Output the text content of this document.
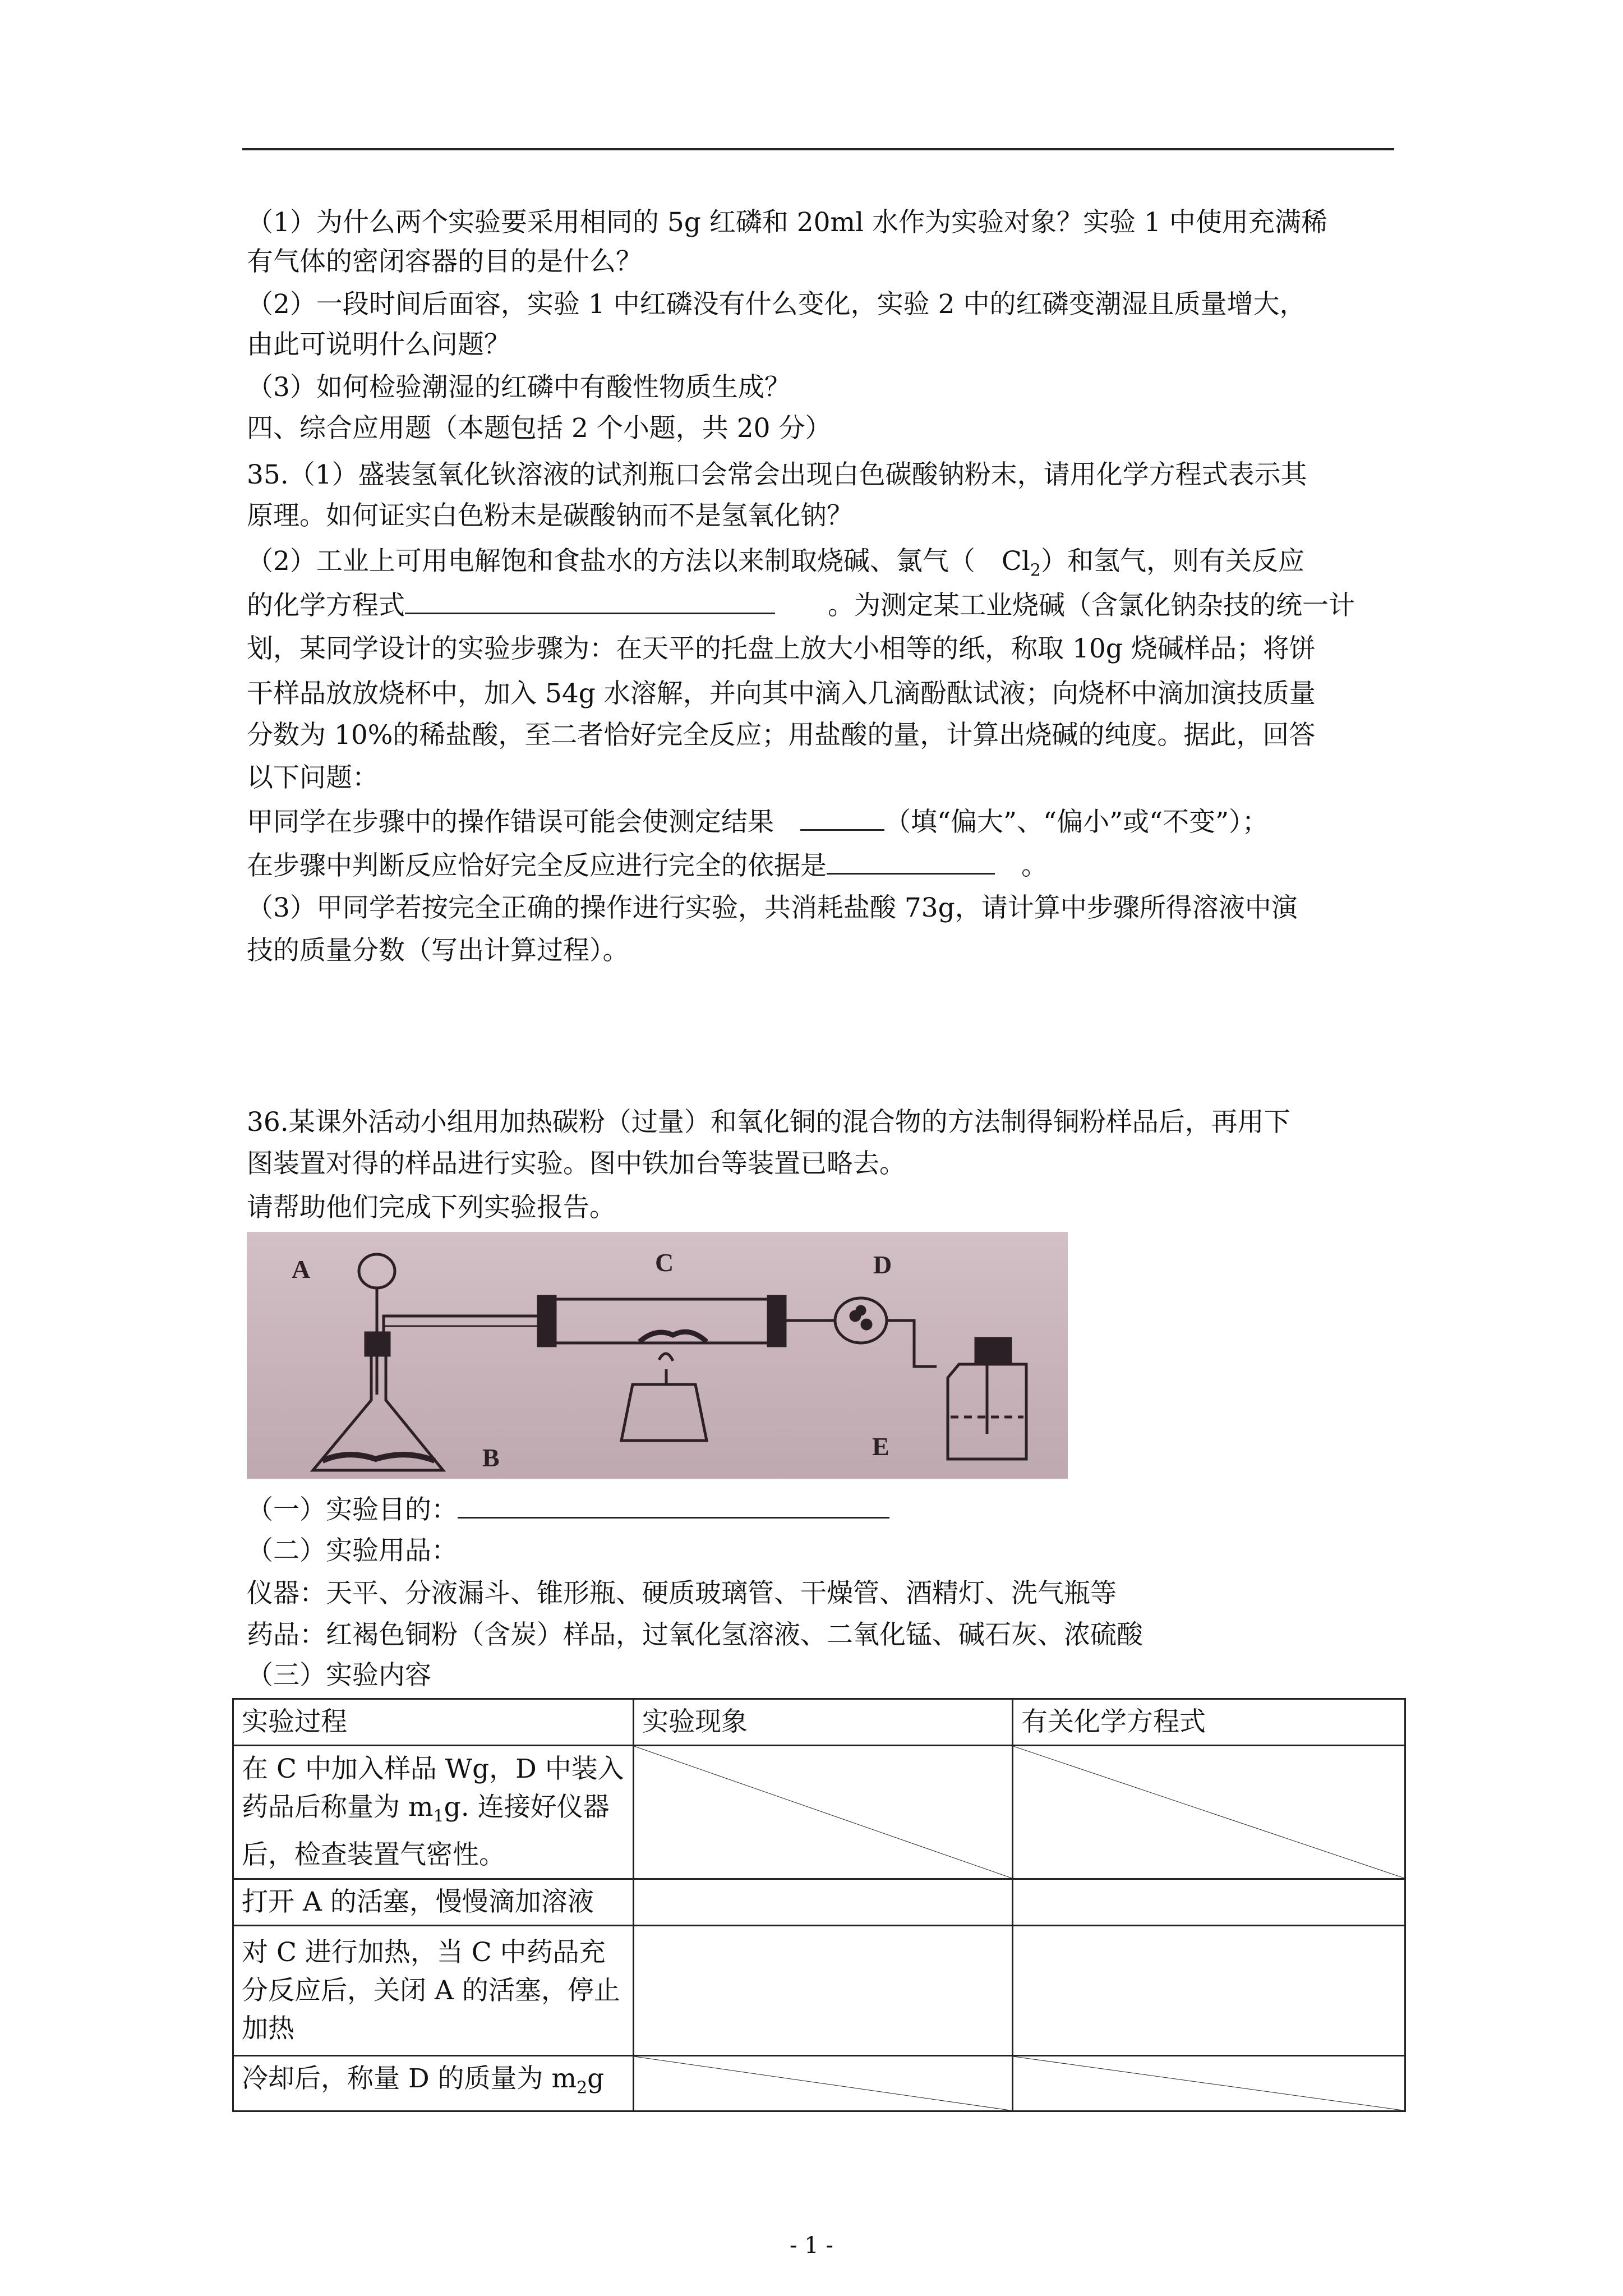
（1）为什么两个实验要采用相同的 5g 红磷和 20ml 水作为实验对象？实验 1 中使用充满稀
有气体的密闭容器的目的是什么？
（2）一段时间后面容，实验 1 中红磷没有什么变化，实验 2 中的红磷变潮湿且质量增大，
由此可说明什么问题？
（3）如何检验潮湿的红磷中有酸性物质生成？
四、综合应用题（本题包括 2 个小题，共 20 分）
35.（1）盛装氢氧化钬溶液的试剂瓶口会常会出现白色碳酸钠粉末，请用化学方程式表示其
原理。如何证实白色粉末是碳酸钠而不是氢氧化钠？
（2）工业上可用电解饱和食盐水的方法以来制取烧碱、氯气（　$Cl_2$）和氢气，则有关反应
的化学方程式　　	。为测定某工业烧碱（含氯化钠杂技的统一计
划，某同学设计的实验步骤为：在天平的托盘上放大小相等的纸，称取 10g 烧碱样品；将饼
干样品放放烧杯中，加入 54g 水溶解，并向其中滴入几滴酚酞试液；向烧杯中滴加演技质量
分数为 10%的稀盐酸，至二者恰好完全反应；用盐酸的量，计算出烧碱的纯度。据此，回答
以下问题：
甲同学在步骤中的操作错误可能会使测定结果　	（填“偏大”、“偏小”或“不变”）；
在步骤中判断反应恰好完全反应进行完全的依据是	　。
（3）甲同学若按完全正确的操作进行实验，共消耗盐酸 73g，请计算中步骤所得溶液中演
技的质量分数（写出计算过程）。
36.某课外活动小组用加热碳粉（过量）和氧化铜的混合物的方法制得铜粉样品后，再用下
图装置对得的样品进行实验。图中铁加台等装置已略去。
请帮助他们完成下列实验报告。
A
B
C	D
E
（一）实验目的：
（二）实验用品：
仪器：天平、分液漏斗、锥形瓶、硬质玻璃管、干燥管、酒精灯、洗气瓶等
药品：红褐色铜粉（含炭）样品，过氧化氢溶液、二氧化锰、碱石灰、浓硫酸
（三）实验内容
实验过程	实验现象	有关化学方程式
在 C 中加入样品 Wg，D 中装入药品后称量为 $m_1g$. 连接好仪器后，检查装置气密性。	

打开 A 的活塞，慢慢滴加溶液		
对 C 进行加热，当 C 中药品充分反应后，关闭 A 的活塞，停止加热		
冷却后，称量 D 的质量为 $m_2g$	

- 1 -
